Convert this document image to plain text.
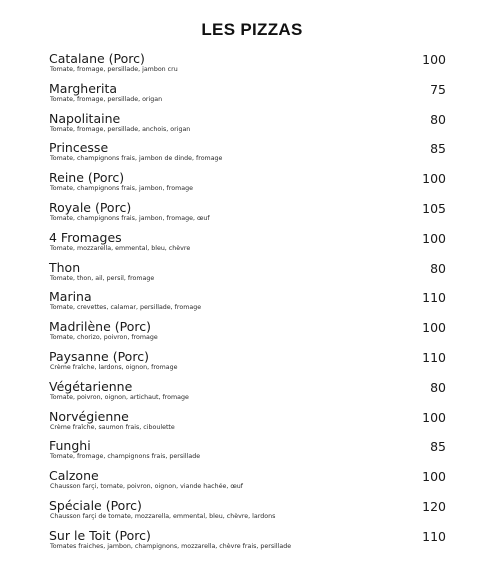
LES PIZZAS
Catalane (Porc)
Tomate, fromage, persillade, jambon cru
100
Margherita
Tomate, fromage, persillade, origan
75
Napolitaine
Tomate, fromage, persillade, anchois, origan
80
Princesse
Tomate, champignons frais, jambon de dinde, fromage
85
Reine (Porc)
Tomate, champignons frais, jambon, fromage
100
Royale (Porc)
Tomate, champignons frais, jambon, fromage, œuf
105
4 Fromages
Tomate, mozzarella, emmental, bleu, chèvre
100
Thon
Tomate, thon, ail, persil, fromage
80
Marina
Tomate, crevettes, calamar, persillade, fromage
110
Madrilène (Porc)
Tomate, chorizo, poivron, fromage
100
Paysanne (Porc)
Crème fraîche, lardons, oignon, fromage
110
Végétarienne
Tomate, poivron, oignon, artichaut, fromage
80
Norvégienne
Crème fraîche, saumon frais, ciboulette
100
Funghi
Tomate, fromage, champignons frais, persillade
85
Calzone
Chausson farçi, tomate, poivron, oignon, viande hachée, œuf
100
Spéciale (Porc)
Chausson farçi de tomate, mozzarella, emmental, bleu, chèvre, lardons
120
Sur le Toit (Porc)
Tomates fraiches, jambon, champignons, mozzarella, chèvre frais, persillade
110
